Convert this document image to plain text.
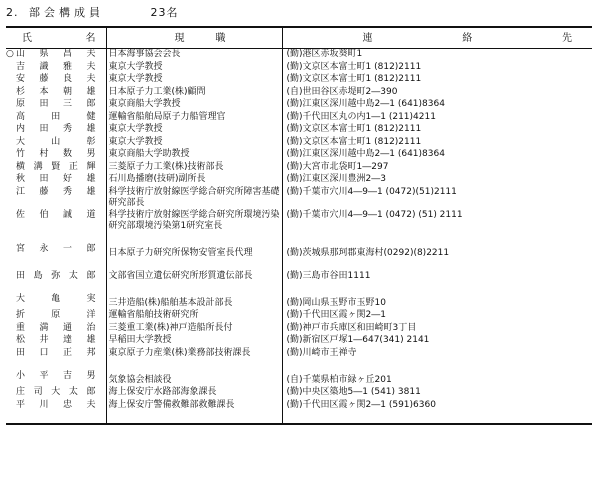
2. 部会構成員	23名
氏 名	現 職	連 絡 先

○ 山 県 昌 夫	日本海事協会会長	(勤)港区赤坂葵町1

吉 識 雅 夫	東京大学教授	(勤)文京区本富士町1 (812)2111

安 藤 良 夫	東京大学教授	(勤)文京区本富士町1 (812)2111

杉 本 朝 雄	日本原子力工業(株)顧問	(自)世田谷区赤堤町2―390

原 田 三 郎	東京商船大学教授	(勤)江東区深川越中島2―1 (641)8364

高 田 健	運輸省船舶局原子力船管理官	(勤)千代田区丸の内1―1 (211)4211

内 田 秀 雄	東京大学教授	(勤)文京区本富士町1 (812)2111

大 山 彰	東京大学教授	(勤)文京区本富士町1 (812)2111

竹 村 数 男	東京商船大学助教授	(勤)江東区深川越中島2―1 (641)8364

横 溝 賢 正 輝	三菱原子力工業(株)技術部長	(勤)大宮市北袋町1―297

秋 田 好 雄	石川島播磨(技研)副所長	(勤)江東区深川豊洲2―3

江 藤 秀 雄	科学技術庁放射線医学総合研究所障害基礎研究部長	(勤)千葉市穴川4―9―1 (0472)(51)2111

佐 伯 誠 道	科学技術庁放射線医学総合研究所環境汚染研究部環境汚染第1研究室長	(勤)千葉市穴川4―9―1 (0472) (51) 2111

宮 永 一 郎	日本原子力研究所保物安管室長代理	(勤)茨城県那珂郡東海村(0292)(8)2211

田 島 弥 太 郎	文部省国立遺伝研究所形質遺伝部長	(勤)三島市谷田1111

大 亀 実	三井造船(株)船舶基本設計部長	(勤)岡山県玉野市玉野10

折 原 洋	運輸省船舶技術研究所	(勤)千代田区霞ヶ関2―1

重 満 通 治	三菱重工業(株)神戸造船所長付	(勤)神戸市兵庫区和田崎町3丁目

松 井 達 雄	早稲田大学教授	(勤)新宿区戸塚1―647(341) 2141

田 口 正 邦	東京原子力産業(株)業務部技術課長	(勤)川崎市王禅寺

小 平 吉 男	気象協会相談役	(自)千葉県柏市緑ヶ丘201

庄 司 大 太 郎	海上保安庁水路部海象課長	(勤)中央区築地5―1 (541) 3811

平 川 忠 夫	海上保安庁警備救難部救難課長	(勤)千代田区霞ヶ関2―1 (591)6360
